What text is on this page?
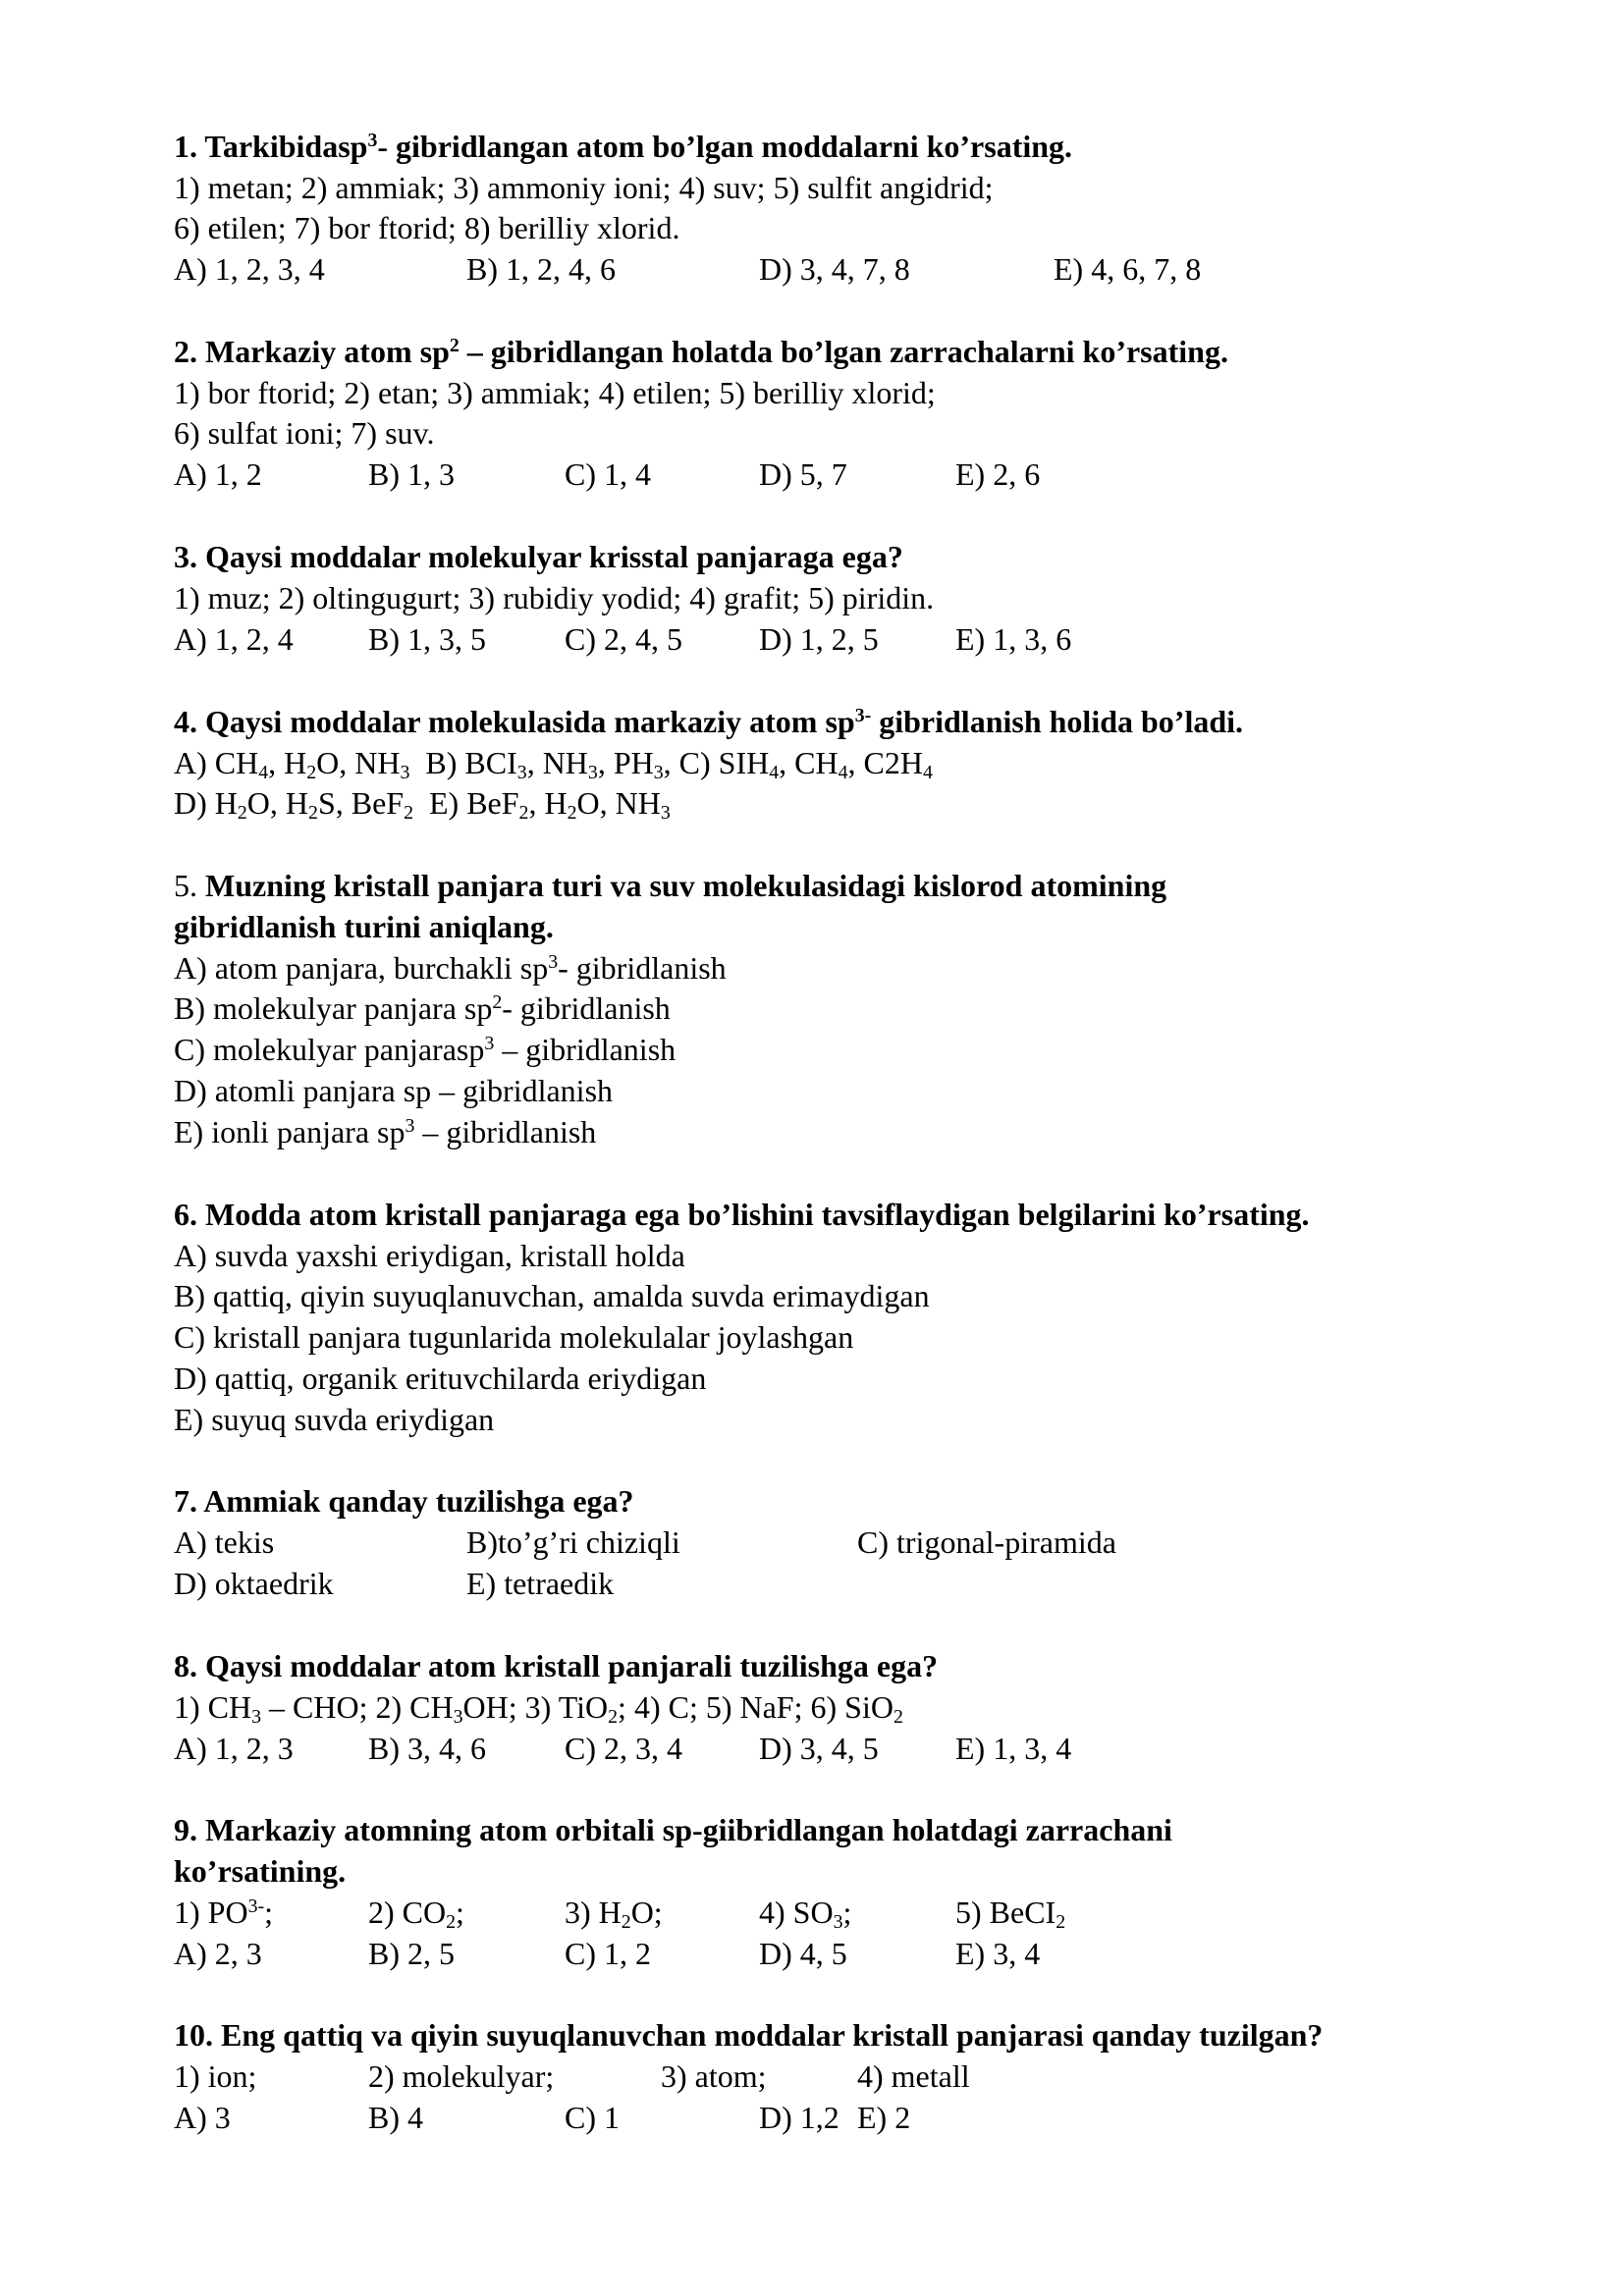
1. Tarkibidasp$^3$- gibridlangan atom bo’lgan moddalarni ko’rsating.
1) metan; 2) ammiak; 3) ammoniy ioni; 4) suv; 5) sulfit angidrid;
6) etilen; 7) bor ftorid; 8) berilliy xlorid.
A) 1, 2, 3, 4	B) 1, 2, 4, 6	D) 3, 4, 7, 8	E) 4, 6, 7, 8
2. Markaziy atom $sp^2$ – gibridlangan holatda bo’lgan zarrachalarni ko’rsating.
1) bor ftorid; 2) etan; 3) ammiak; 4) etilen; 5) berilliy xlorid;
6) sulfat ioni; 7) suv.
A) 1, 2	B) 1, 3	C) 1, 4	D) 5, 7	E) 2, 6
3. Qaysi moddalar molekulyar krisstal panjaraga ega?
1) muz; 2) oltingugurt; 3) rubidiy yodid; 4) grafit; 5) piridin.
A) 1, 2, 4 B) 1, 3, 5	C) 2, 4, 5 D) 1, 2, 5 E) 1, 3, 6
4. Qaysi moddalar molekulasida markaziy atom $sp^{3-}$ gibridlanish holida bo’ladi.
A) $CH_4$, $H_2O$, $NH_3$ B) $BCI_3$, $NH_3$, $PH_3$, C) $SIH_4$, $CH_4$, $C2H_4$
D) $H_2O$, $H_2S$, BeF$_2$ E) BeF$_2$, $H_2O$, $NH_3$
5. Muzning kristall panjara turi va suv molekulasidagi kislorod atomining
gibridlanish turini aniqlang.
A) atom panjara, burchakli $sp^3-$ gibridlanish
B) molekulyar panjara $sp^2-$ gibridlanish
C) molekulyar panjarasp$^3$ – gibridlanish
D) atomli panjara sp – gibridlanish
E) ionli panjara $sp^3$ – gibridlanish
6. Modda atom kristall panjaraga ega bo’lishini tavsiflaydigan belgilarini ko’rsating.
A) suvda yaxshi eriydigan, kristall holda
B) qattiq, qiyin suyuqlanuvchan, amalda suvda erimaydigan
C) kristall panjara tugunlarida molekulalar joylashgan
D) qattiq, organik erituvchilarda eriydigan
E) suyuq suvda eriydigan
7. Ammiak qanday tuzilishga ega?
A) tekis	B)to’g’ri chiziqli	C) trigonal-piramida
D) oktaedrik	E) tetraedik
8. Qaysi moddalar atom kristall panjarali tuzilishga ega?
1) $CH_3$ – CHO; 2) $CH_3OH$; 3) TiO$_2$; 4) C; 5) NaF; 6) SiO$_2$
A) 1, 2, 3 B) 3, 4, 6	C) 2, 3, 4 D) 3, 4, 5 E) 1, 3, 4
9. Markaziy atomning atom orbitali sp-giibridlangan holatdagi zarrachani
ko’rsatining.
1) $PO^{3-}$;	2) $CO_2$;	3) $H_2O$;	4) $SO_3$;	5) BeCI$_2$
A) 2, 3	B) 2, 5	C) 1, 2	D) 4, 5	E) 3, 4
10. Eng qattiq va qiyin suyuqlanuvchan moddalar kristall panjarasi qanday tuzilgan?
1) ion;	2) molekulyar;	3) atom;	4) metall
A) 3	B) 4	C) 1	D) 1,2 E) 2
